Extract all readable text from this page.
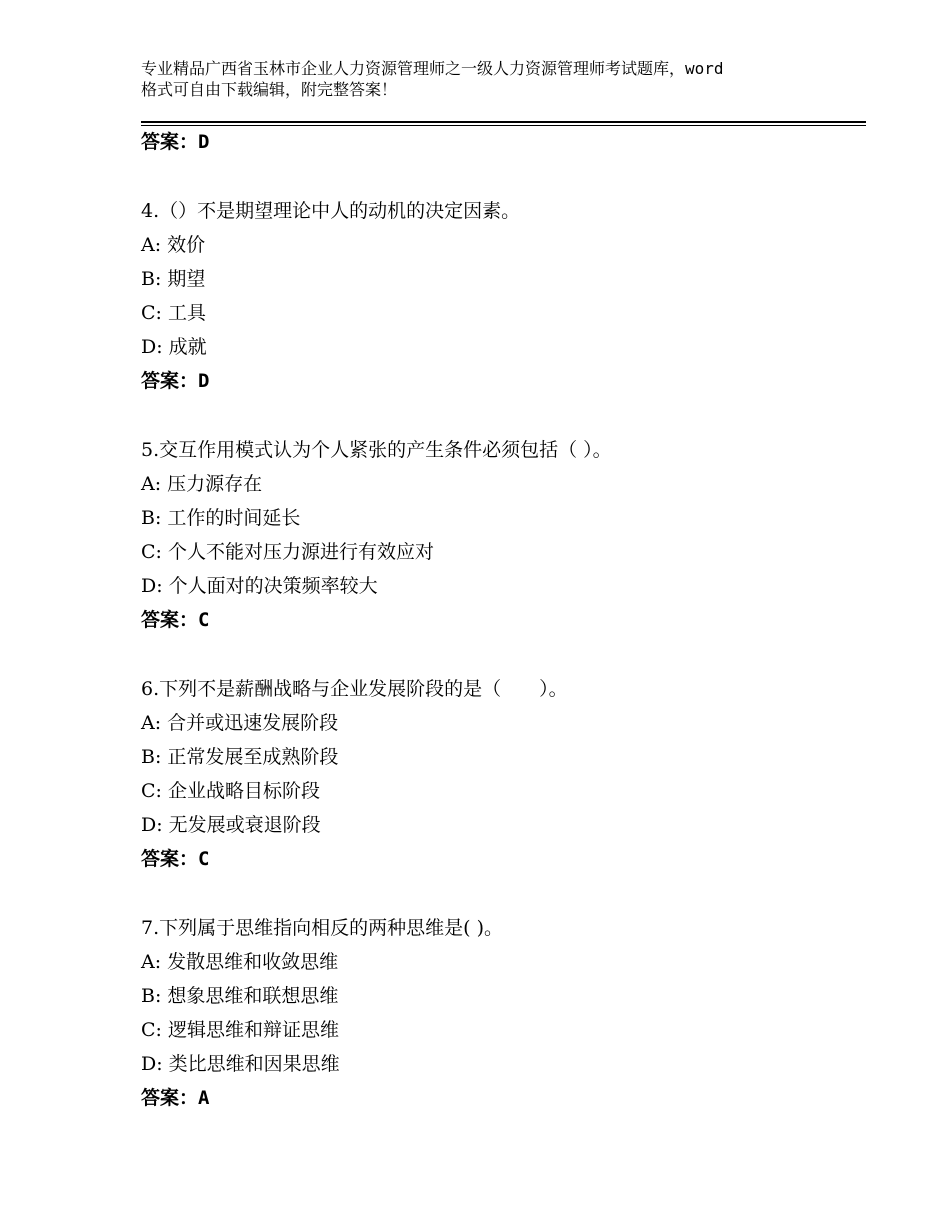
专业精品广西省玉林市企业人力资源管理师之一级人力资源管理师考试题库，word
格式可自由下载编辑，附完整答案！
答案：D
4.（）不是期望理论中人的动机的决定因素。
A: 效价
B: 期望
C: 工具
D: 成就
答案：D
5.交互作用模式认为个人紧张的产生条件必须包括（ ）。
A: 压力源存在
B: 工作的时间延长
C: 个人不能对压力源进行有效应对
D: 个人面对的决策频率较大
答案：C
6.下列不是薪酬战略与企业发展阶段的是（　　）。
A: 合并或迅速发展阶段
B: 正常发展至成熟阶段
C: 企业战略目标阶段
D: 无发展或衰退阶段
答案：C
7.下列属于思维指向相反的两种思维是( )。
A: 发散思维和收敛思维
B: 想象思维和联想思维
C: 逻辑思维和辩证思维
D: 类比思维和因果思维
答案：A
